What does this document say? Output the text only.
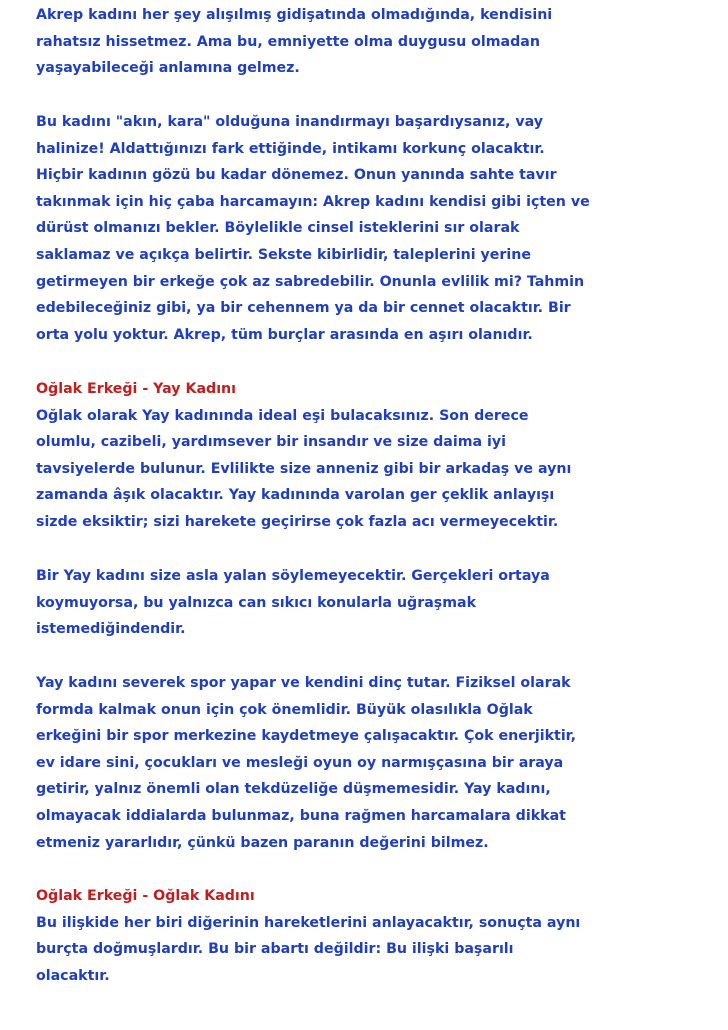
Akrep kadını her şey alışılmış gidişatında olmadığında, kendisini
rahatsız hissetmez. Ama bu, emniyette olma duygusu olmadan
yaşayabileceği anlamına gelmez.
Bu kadını "akın, kara" olduğuna inandırmayı başardıysanız, vay
halinize! Aldattığınızı fark ettiğinde, intikamı korkunç olacaktır.
Hiçbir kadının gözü bu kadar dönemez. Onun yanında sahte tavır
takınmak için hiç çaba harcamayın: Akrep kadını kendisi gibi içten ve
dürüst olmanızı bekler. Böylelikle cinsel isteklerini sır olarak
saklamaz ve açıkça belirtir. Sekste kibirlidir, taleplerini yerine
getirmeyen bir erkeğe çok az sabredebilir. Onunla evlilik mi? Tahmin
edebileceğiniz gibi, ya bir cehennem ya da bir cennet olacaktır. Bir
orta yolu yoktur. Akrep, tüm burçlar arasında en aşırı olanıdır.
Oğlak Erkeği - Yay Kadını
Oğlak olarak Yay kadınında ideal eşi bulacaksınız. Son derece
olumlu, cazibeli, yardımsever bir insandır ve size daima iyi
tavsiyelerde bulunur. Evlilikte size anneniz gibi bir arkadaş ve aynı
zamanda âşık olacaktır. Yay kadınında varolan ger çeklik anlayışı
sizde eksiktir; sizi harekete geçirirse çok fazla acı vermeyecektir.
Bir Yay kadını size asla yalan söylemeyecektir. Gerçekleri ortaya
koymuyorsa, bu yalnızca can sıkıcı konularla uğraşmak
istemediğindendir.
Yay kadını severek spor yapar ve kendini dinç tutar. Fiziksel olarak
formda kalmak onun için çok önemlidir. Büyük olasılıkla Oğlak
erkeğini bir spor merkezine kaydetmeye çalışacaktır. Çok enerjiktir,
ev idare sini, çocukları ve mesleği oyun oy narmışçasına bir araya
getirir, yalnız önemli olan tekdüzeliğe düşmemesidir. Yay kadını,
olmayacak iddialarda bulunmaz, buna rağmen harcamalara dikkat
etmeniz yararlıdır, çünkü bazen paranın değerini bilmez.
Oğlak Erkeği - Oğlak Kadını
Bu ilişkide her biri diğerinin hareketlerini anlayacaktır, sonuçta aynı
burçta doğmuşlardır. Bu bir abartı değildir: Bu ilişki başarılı
olacaktır.
